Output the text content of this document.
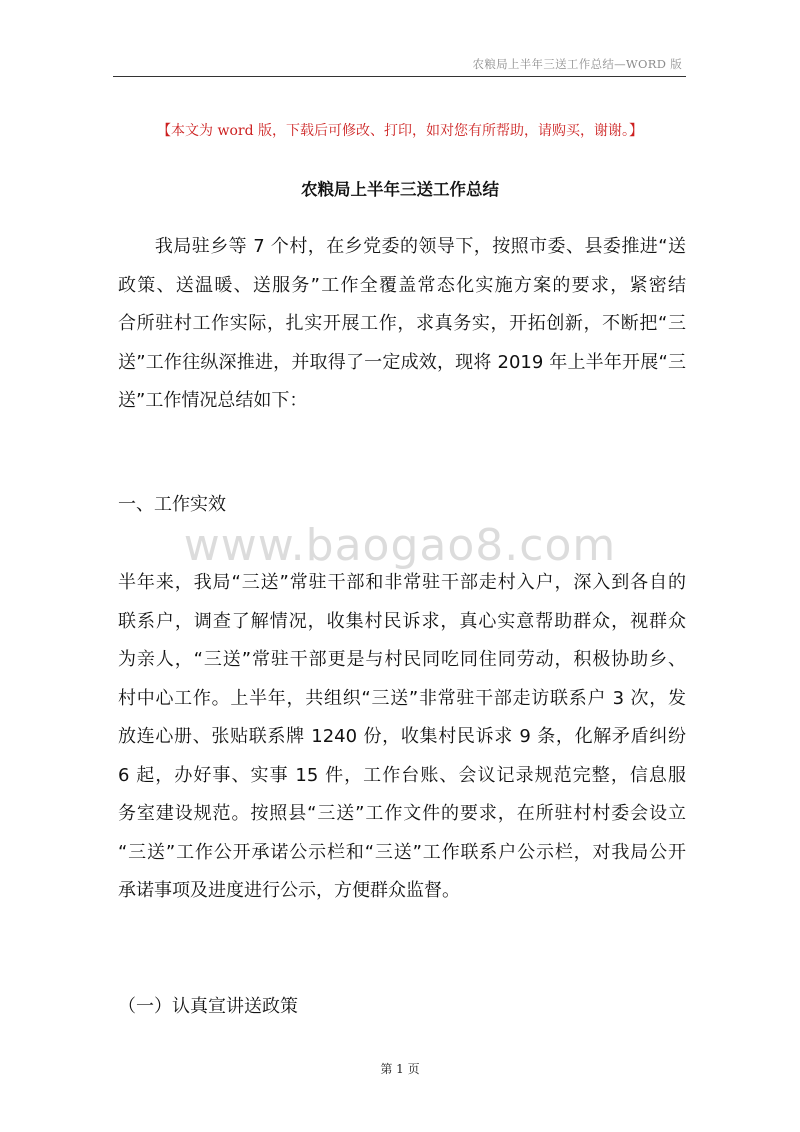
农粮局上半年三送工作总结—WORD 版
【本文为 word 版，下载后可修改、打印，如对您有所帮助，请购买，谢谢。】
农粮局上半年三送工作总结
　　我局驻乡等 7 个村，在乡党委的领导下，按照市委、县委推进“送
政策、送温暖、送服务”工作全覆盖常态化实施方案的要求，紧密结
合所驻村工作实际，扎实开展工作，求真务实，开拓创新，不断把“三
送”工作往纵深推进，并取得了一定成效，现将 2019 年上半年开展“三
送”工作情况总结如下：
一、工作实效
www.baogao8.com
半年来，我局“三送”常驻干部和非常驻干部走村入户，深入到各自的
联系户，调查了解情况，收集村民诉求，真心实意帮助群众，视群众
为亲人，“三送”常驻干部更是与村民同吃同住同劳动，积极协助乡、
村中心工作。上半年，共组织“三送”非常驻干部走访联系户 3 次，发
放连心册、张贴联系牌 1240 份，收集村民诉求 9 条，化解矛盾纠纷
6 起，办好事、实事 15 件，工作台账、会议记录规范完整，信息服
务室建设规范。按照县“三送”工作文件的要求，在所驻村村委会设立
“三送”工作公开承诺公示栏和“三送”工作联系户公示栏，对我局公开
承诺事项及进度进行公示，方便群众监督。
（一）认真宣讲送政策
第 1 页
